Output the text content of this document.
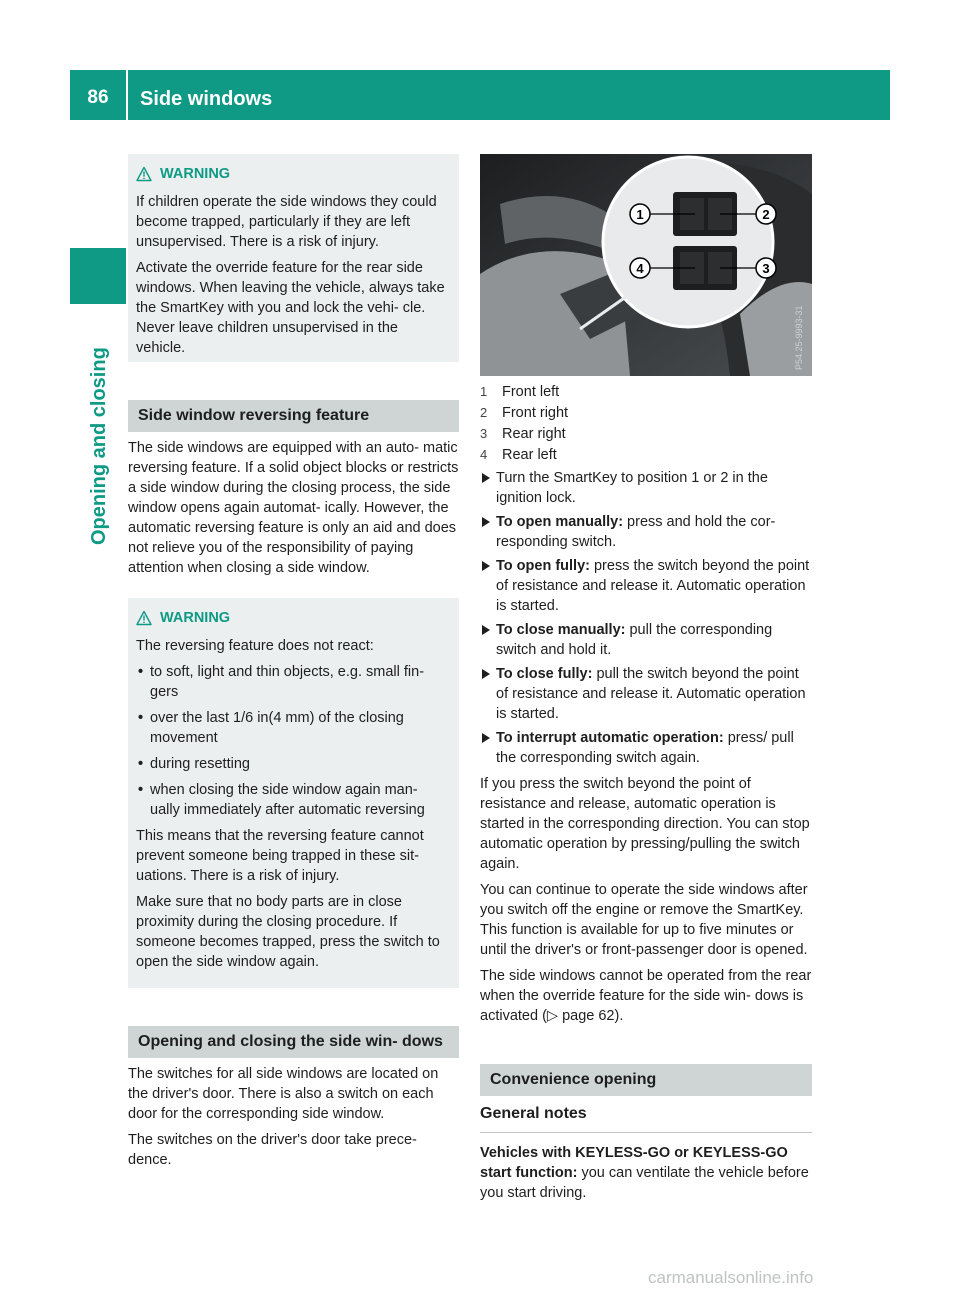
86	Side windows
Opening and closing
WARNING

If children operate the side windows they could become trapped, particularly if they are left unsupervised. There is a risk of injury.

Activate the override feature for the rear side windows. When leaving the vehicle, always take the SmartKey with you and lock the vehi- cle. Never leave children unsupervised in the vehicle.

Side window reversing feature

The side windows are equipped with an auto- matic reversing feature. If a solid object blocks or restricts a side window during the closing process, the side window opens again automat- ically. However, the automatic reversing feature is only an aid and does not relieve you of the responsibility of paying attention when closing a side window.

WARNING

The reversing feature does not react:

• to soft, light and thin objects, e.g. small fin- gers
• over the last 1/6 in(4 mm) of the closing movement
• during resetting
• when closing the side window again man- ually immediately after automatic reversing

This means that the reversing feature cannot prevent someone being trapped in these sit- uations. There is a risk of injury.

Make sure that no body parts are in close proximity during the closing procedure. If someone becomes trapped, press the switch to open the side window again.

Opening and closing the side win- dows

The switches for all side windows are located on the driver's door. There is also a switch on each door for the corresponding side window.

The switches on the driver's door take prece- dence.

1	2
3
4
P54.25-9993-31
1	Front left
2	Front right
3	Rear right
4	Rear left
Turn the SmartKey to position 1 or 2 in the ignition lock.
To open manually: press and hold the cor- responding switch.
To open fully: press the switch beyond the point of resistance and release it. Automatic operation is started.
To close manually: pull the corresponding switch and hold it.
To close fully: pull the switch beyond the point of resistance and release it. Automatic operation is started.
To interrupt automatic operation: press/ pull the corresponding switch again.

If you press the switch beyond the point of resistance and release, automatic operation is started in the corresponding direction. You can stop automatic operation by pressing/pulling the switch again.

You can continue to operate the side windows after you switch off the engine or remove the SmartKey. This function is available for up to five minutes or until the driver's or front-passenger door is opened.

The side windows cannot be operated from the rear when the override feature for the side win- dows is activated (▷ page 62).

Convenience opening
General notes

Vehicles with KEYLESS-GO or KEYLESS-GO start function: you can ventilate the vehicle before you start driving.

carmanualsonline.info
